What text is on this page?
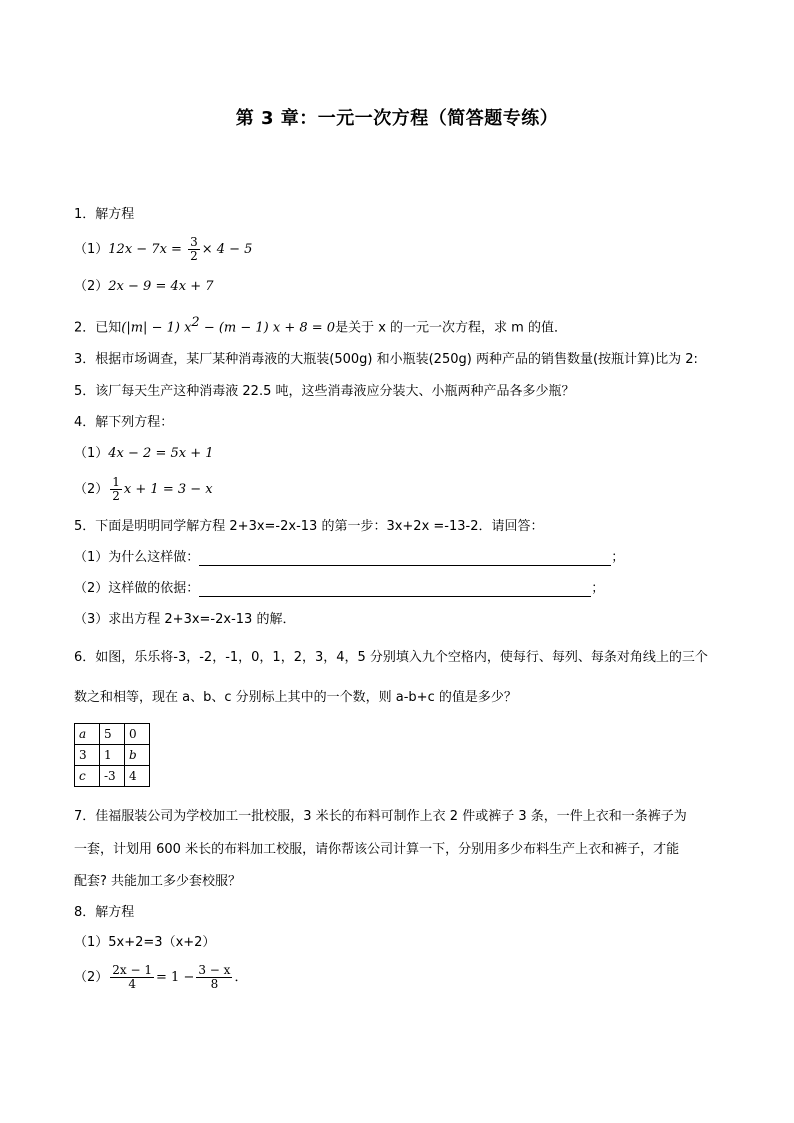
第 3 章：一元一次方程（简答题专练）
1．解方程
$(1)12x - 7x = \frac{3}{2} \times 4 - 5$
（2）2x − 9 = 4x + 7
2．已知(|m| − 1) $x^2 - (m - 1) x + 8 = 0$是关于 x 的一元一次方程，求 m 的值．
3．根据市场调查，某厂某种消毒液的大瓶装(500g) 和小瓶装(250g) 两种产品的销售数量(按瓶计算)比为 2:
5．该厂每天生产这种消毒液 22.5 吨，这些消毒液应分装大、小瓶两种产品各多少瓶？
4．解下列方程：
（1）4x − 2 = 5x + 1
$(2) \frac{1}{2}$ x + 1 = 3 − x
5．下面是明明同学解方程 2+3x=-2x-13 的第一步：3x+2x =-13-2．请回答：
（1）为什么这样做：	；
（2）这样做的依据：	；
（3）求出方程 2+3x=-2x-13 的解．
6．如图，乐乐将-3，-2，-1，0，1，2，3，4，5 分别填入九个空格内，使每行、每列、每条对角线上的三个
数之和相等，现在 a、b、c 分别标上其中的一个数，则 a-b+c 的值是多少？
a	5	0
3	1	b
c	-3	4
7．佳福服装公司为学校加工一批校服，3 米长的布料可制作上衣 2 件或裤子 3 条，一件上衣和一条裤子为
一套，计划用 600 米长的布料加工校服，请你帮该公司计算一下，分别用多少布料生产上衣和裤子，才能
配套? 共能加工多少套校服？
8．解方程
（1）5x+2=3（x+2）
$(2) \frac{2x - 1}{4} = 1 - \frac{3 - x}{8}$ ．
